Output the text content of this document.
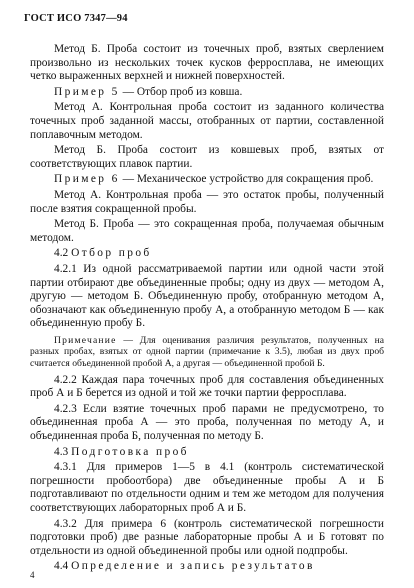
ГОСТ ИСО 7347—94

Метод Б. Проба состоит из точечных проб, взятых сверлением произвольно из нескольких точек кусков ферросплава, не имеющих четко выраженных верхней и нижней поверхностей.

Пример 5 — Отбор проб из ковша.

Метод А. Контрольная проба состоит из заданного количества точечных проб заданной массы, отобранных от партии, составленной поплавочным методом.

Метод Б. Проба состоит из ковшевых проб, взятых от соответствующих плавок партии.

Пример 6 — Механическое устройство для сокращения проб.

Метод А. Контрольная проба — это остаток пробы, полученный после взятия сокращенной пробы.

Метод Б. Проба — это сокращенная проба, получаемая обычным методом.

4.2 Отбор проб

4.2.1 Из одной рассматриваемой партии или одной части этой партии отбирают две объединенные пробы; одну из двух — методом А, другую — методом Б. Объединенную пробу, отобранную методом А, обозначают как объединенную пробу А, а отобранную методом Б — как объединенную пробу Б.

Примечание — Для оценивания различия результатов, полученных на разных пробах, взятых от одной партии (примечание к 3.5), любая из двух проб считается объединенной пробой А, а другая — объединенной пробой Б.

4.2.2 Каждая пара точечных проб для составления объединенных проб А и Б берется из одной и той же точки партии ферросплава.

4.2.3 Если взятие точечных проб парами не предусмотрено, то объединенная проба А — это проба, полученная по методу А, и объединенная проба Б, полученная по методу Б.

4.3 Подготовка проб

4.3.1 Для примеров 1—5 в 4.1 (контроль систематической погрешности пробоотбора) две объединенные пробы А и Б подготавливают по отдельности одним и тем же методом для получения соответствующих лабораторных проб А и Б.

4.3.2 Для примера 6 (контроль систематической погрешности подготовки проб) две разные лабораторные пробы А и Б готовят по отдельности из одной объединенной пробы или одной подпробы.

4.4 Определение и запись результатов

4
